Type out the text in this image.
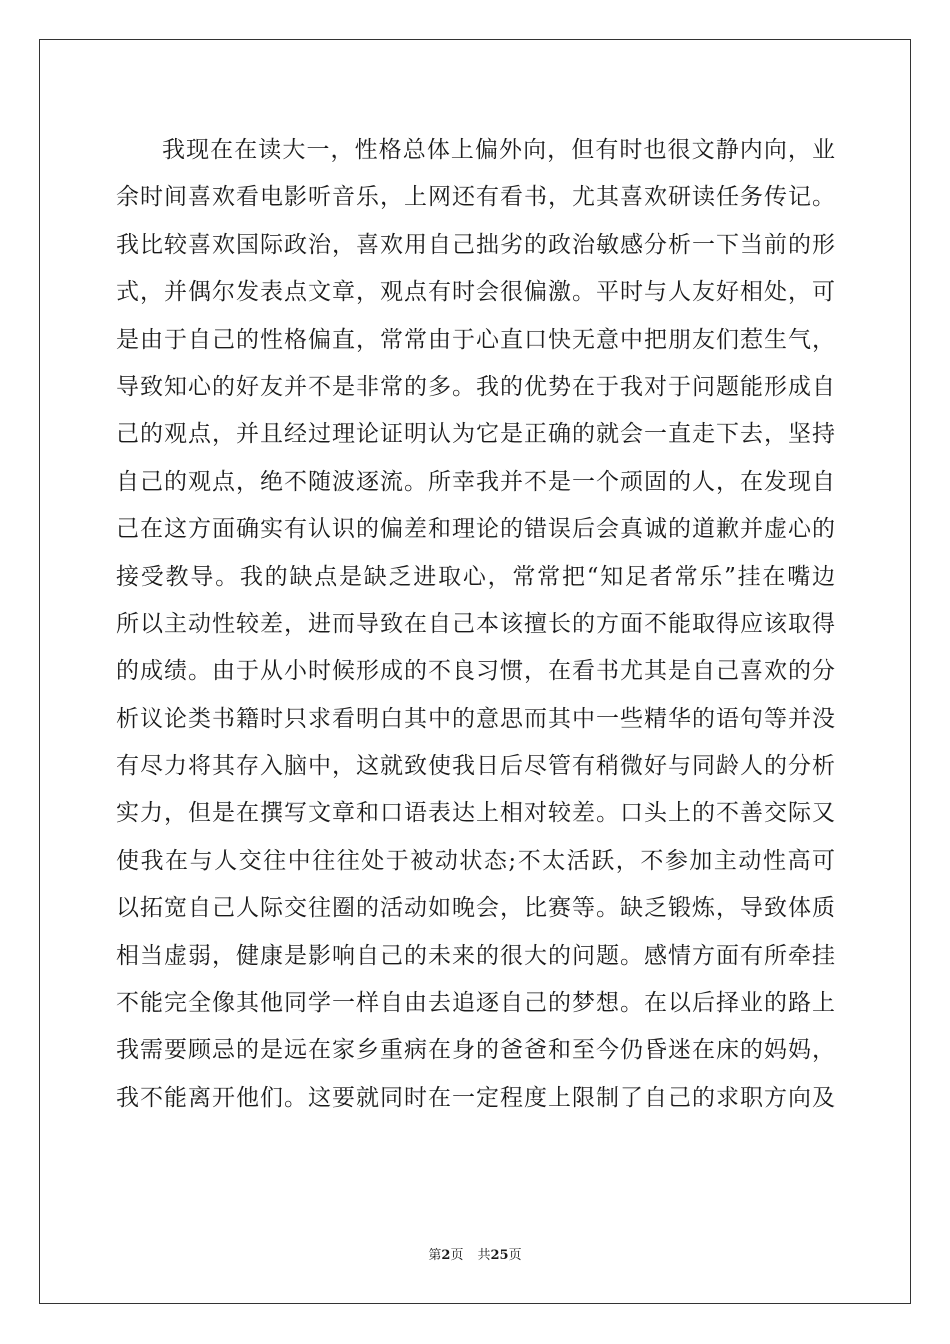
我现在在读大一，性格总体上偏外向，但有时也很文静内向，业
余时间喜欢看电影听音乐，上网还有看书，尤其喜欢研读任务传记。
我比较喜欢国际政治，喜欢用自己拙劣的政治敏感分析一下当前的形
式，并偶尔发表点文章，观点有时会很偏激。平时与人友好相处，可
是由于自己的性格偏直，常常由于心直口快无意中把朋友们惹生气，
导致知心的好友并不是非常的多。我的优势在于我对于问题能形成自
己的观点，并且经过理论证明认为它是正确的就会一直走下去，坚持
自己的观点，绝不随波逐流。所幸我并不是一个顽固的人，在发现自
己在这方面确实有认识的偏差和理论的错误后会真诚的道歉并虚心的
接受教导。我的缺点是缺乏进取心，常常把“知足者常乐”挂在嘴边
所以主动性较差，进而导致在自己本该擅长的方面不能取得应该取得
的成绩。由于从小时候形成的不良习惯，在看书尤其是自己喜欢的分
析议论类书籍时只求看明白其中的意思而其中一些精华的语句等并没
有尽力将其存入脑中，这就致使我日后尽管有稍微好与同龄人的分析
实力，但是在撰写文章和口语表达上相对较差。口头上的不善交际又
使我在与人交往中往往处于被动状态;不太活跃，不参加主动性高可
以拓宽自己人际交往圈的活动如晚会，比赛等。缺乏锻炼，导致体质
相当虚弱，健康是影响自己的未来的很大的问题。感情方面有所牵挂
不能完全像其他同学一样自由去追逐自己的梦想。在以后择业的路上
我需要顾忌的是远在家乡重病在身的爸爸和至今仍昏迷在床的妈妈，
我不能离开他们。这要就同时在一定程度上限制了自己的求职方向及
第2页 共25页
